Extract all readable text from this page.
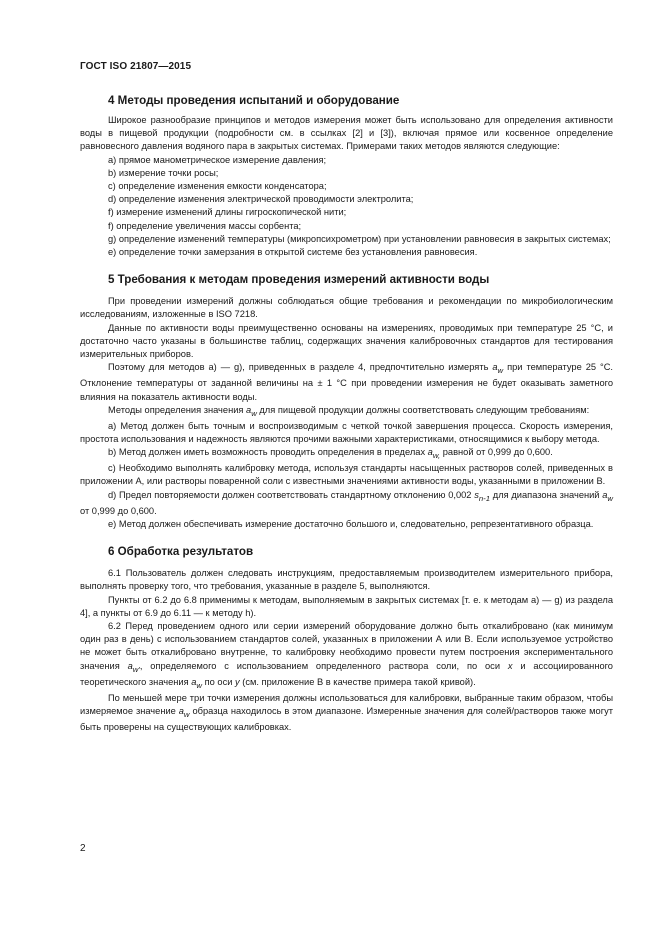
ГОСТ ISO 21807—2015
4 Методы проведения испытаний и оборудование

Широкое разнообразие принципов и методов измерения может быть использовано для определения активности воды в пищевой продукции (подробности см. в ссылках [2] и [3]), включая прямое или косвенное определение равновесного давления водяного пара в закрытых системах. Примерами таких методов являются следующие:

а) прямое манометрическое измерение давления;

b) измерение точки росы;

c) определение изменения емкости конденсатора;

d) определение изменения электрической проводимости электролита;

f) измерение изменений длины гигроскопической нити;

f) определение увеличения массы сорбента;

g) определение изменений температуры (микропсихрометром) при установлении равновесия в закрытых системах;

e) определение точки замерзания в открытой системе без установления равновесия.

5 Требования к методам проведения измерений активности воды

При проведении измерений должны соблюдаться общие требования и рекомендации по микробиологическим исследованиям, изложенные в ISO 7218.

Данные по активности воды преимущественно основаны на измерениях, проводимых при температуре 25 °С, и достаточно часто указаны в большинстве таблиц, содержащих значения калибровочных стандартов для тестирования измерительных приборов.

Поэтому для методов а) — g), приведенных в разделе 4, предпочтительно измерять $a_w$ при температуре 25 °С. Отклонение температуры от заданной величины на ± 1 °С при проведении измерения не будет оказывать заметного влияния на показатель активности воды.

Методы определения значения $a_w$ для пищевой продукции должны соответствовать следующим требованиям:

а) Метод должен быть точным и воспроизводимым с четкой точкой завершения процесса. Скорость измерения, простота использования и надежность являются прочими важными характеристиками, относящимися к выбору метода.

b) Метод должен иметь возможность проводить определения в пределах $a_{w,}$ равной от 0,999 до 0,600.

c) Необходимо выполнять калибровку метода, используя стандарты насыщенных растворов солей, приведенных в приложении А, или растворы поваренной соли с известными значениями активности воды, указанными в приложении В.

d) Предел повторяемости должен соответствовать стандартному отклонению 0,002 $s_{n-1}$ для диапазона значений $a_w$ от 0,999 до 0,600.

e) Метод должен обеспечивать измерение достаточно большого и, следовательно, репрезентативного образца.

6 Обработка результатов

6.1 Пользователь должен следовать инструкциям, предоставляемым производителем измерительного прибора, выполнять проверку того, что требования, указанные в разделе 5, выполняются.

Пункты от 6.2 до 6.8 применимы к методам, выполняемым в закрытых системах [т. е. к методам а) — g) из раздела 4], а пункты от 6.9 до 6.11 — к методу h).

6.2 Перед проведением одного или серии измерений оборудование должно быть откалибровано (как минимум один раз в день) с использованием стандартов солей, указанных в приложении А или В. Если используемое устройство не может быть откалибровано внутренне, то калибровку необходимо провести путем построения экспериментального значения $a_{w'}$, определяемого с использованием определенного раствора соли, по оси x и ассоциированного теоретического значения $a_w$ по оси y (см. приложение В в качестве примера такой кривой).

По меньшей мере три точки измерения должны использоваться для калибровки, выбранные таким образом, чтобы измеряемое значение $a_w$ образца находилось в этом диапазоне. Измеренные значения для солей/растворов также могут быть проверены на существующих калибровках.

2
